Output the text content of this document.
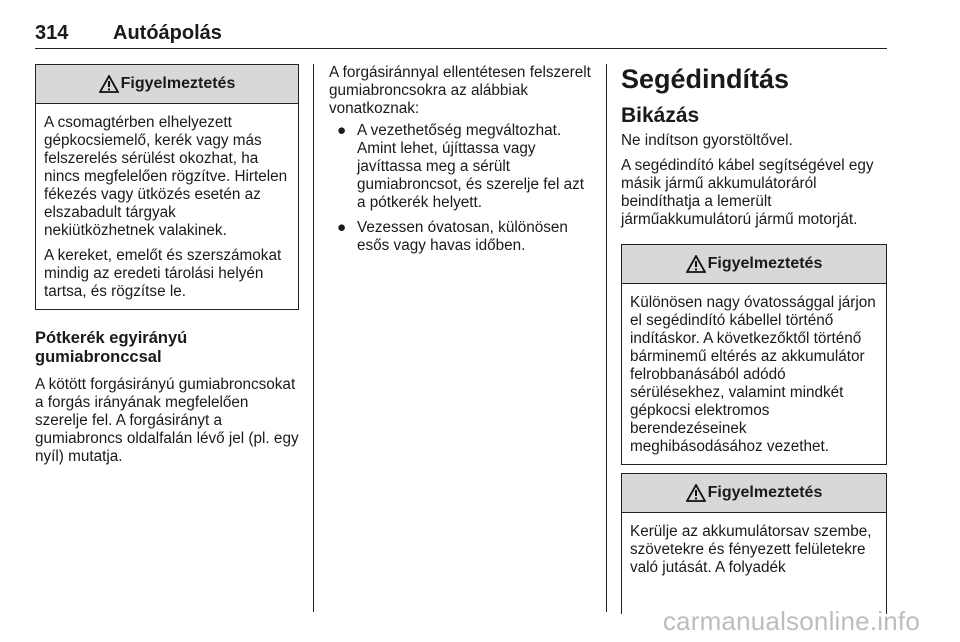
314 Autóápolás
Figyelmeztetés

A csomagtérben elhelyezett gépkocsiemelő, kerék vagy más felszerelés sérülést okozhat, ha nincs megfelelően rögzítve. Hirtelen fékezés vagy ütközés esetén az elszabadult tárgyak nekiütközhetnek valakinek.

A kereket, emelőt és szerszámokat mindig az eredeti tárolási helyén tartsa, és rögzítse le.

Pótkerék egyirányú gumiabronccsal

A kötött forgásirányú gumiabroncsokat a forgás irányának megfelelően szerelje fel. A forgásirányt a gumiabroncs oldalfalán lévő jel (pl. egy nyíl) mutatja.

A forgásiránnyal ellentétesen felszerelt gumiabroncsokra az alábbiak vonatkoznak:

● A vezethetőség megváltozhat. Amint lehet, újíttassa vagy javíttassa meg a sérült gumiabroncsot, és szerelje fel azt a pótkerék helyett.
● Vezessen óvatosan, különösen esős vagy havas időben.
Segédindítás
Bikázás

Ne indítson gyorstöltővel.

A segédindító kábel segítségével egy másik jármű akkumulátoráról beindíthatja a lemerült járműakkumulátorú jármű motorját.

Figyelmeztetés

Különösen nagy óvatossággal járjon el segédindító kábellel történő indításkor. A következőktől történő bárminemű eltérés az akkumulátor felrobbanásából adódó sérülésekhez, valamint mindkét gépkocsi elektromos berendezéseinek meghibásodásához vezethet.

Figyelmeztetés

Kerülje az akkumulátorsav szembe, szövetekre és fényezett felületekre való jutását. A folyadék

carmanualsonline.info
